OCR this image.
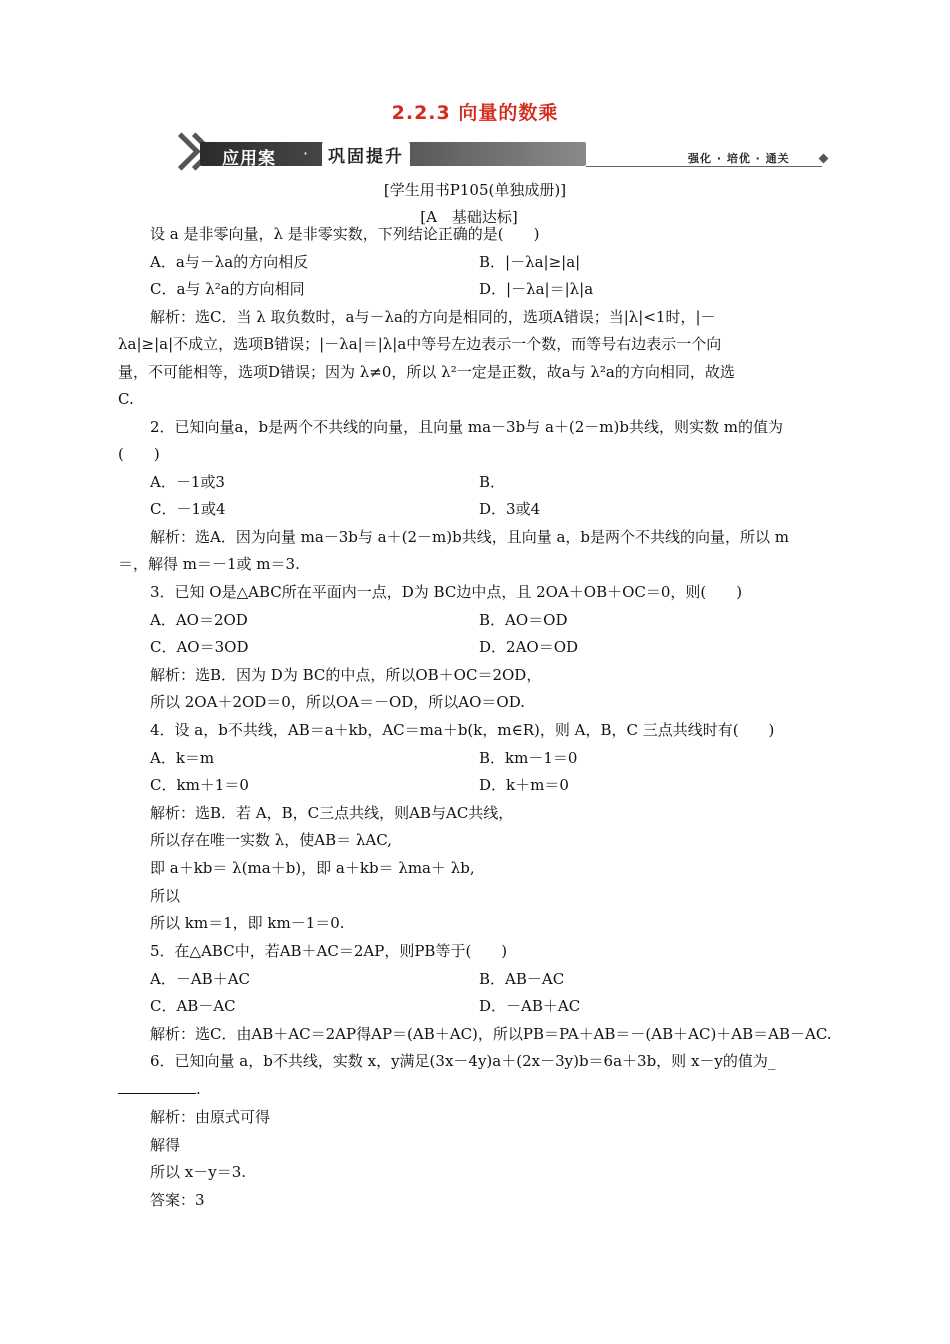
2.2.3 向量的数乘
应用案 ·	巩固提升	强化 · 培优 · 通关
[学生用书P105(单独成册)]
[A　基础达标]
设 a 是非零向量，λ 是非零实数，下列结论正确的是(　　)
A．a与－λa的方向相反	B．|－λa|≥|a|
C．a与 λ²a的方向相同	D．|－λa|＝|λ|a
解析：选C．当 λ 取负数时，a与－λa的方向是相同的，选项A错误；当|λ|<1时，|－
λa|≥|a|不成立，选项B错误；|－λa|＝|λ|a中等号左边表示一个数，而等号右边表示一个向
量，不可能相等，选项D错误；因为 λ≠0，所以 λ²一定是正数，故a与 λ²a的方向相同，故选
C.
2．已知向量a，b是两个不共线的向量，且向量 ma－3b与 a＋(2－m)b共线，则实数 m的值为
(　　)
A．－1或3	B．
C．－1或4	D．3或4
解析：选A．因为向量 ma－3b与 a＋(2－m)b共线，且向量 a，b是两个不共线的向量，所以 m
＝，解得 m＝－1或 m＝3.
3．已知 O是△ABC所在平面内一点，D为 BC边中点，且 2OA＋OB＋OC＝0，则(　　)
A．AO＝2OD	B．AO＝OD
C．AO＝3OD	D．2AO＝OD
解析：选B．因为 D为 BC的中点，所以OB＋OC＝2OD，
所以 2OA＋2OD＝0，所以OA＝－OD，所以AO＝OD.
4．设 a，b不共线，AB＝a＋kb，AC＝ma＋b(k，m∈R)，则 A，B，C 三点共线时有(　　)
A．k＝m	B．km－1＝0
C．km＋1＝0	D．k＋m＝0
解析：选B．若 A，B，C三点共线，则AB与AC共线，
所以存在唯一实数 λ，使AB＝ λAC,
即 a＋kb＝ λ(ma＋b)，即 a＋kb＝ λma＋ λb,
所以
所以 km＝1，即 km－1＝0.
5．在△ABC中，若AB＋AC＝2AP，则PB等于(　　)
A．－AB＋AC	B．AB－AC
C．AB－AC	D．－AB＋AC
解析：选C．由AB＋AC＝2AP得AP＝(AB＋AC)，所以PB＝PA＋AB＝－(AB＋AC)＋AB＝AB－AC.
6．已知向量 a，b不共线，实数 x，y满足(3x－4y)a＋(2x－3y)b＝6a＋3b，则 x－y的值为_
.
解析：由原式可得
解得
所以 x－y＝3.
答案：3
